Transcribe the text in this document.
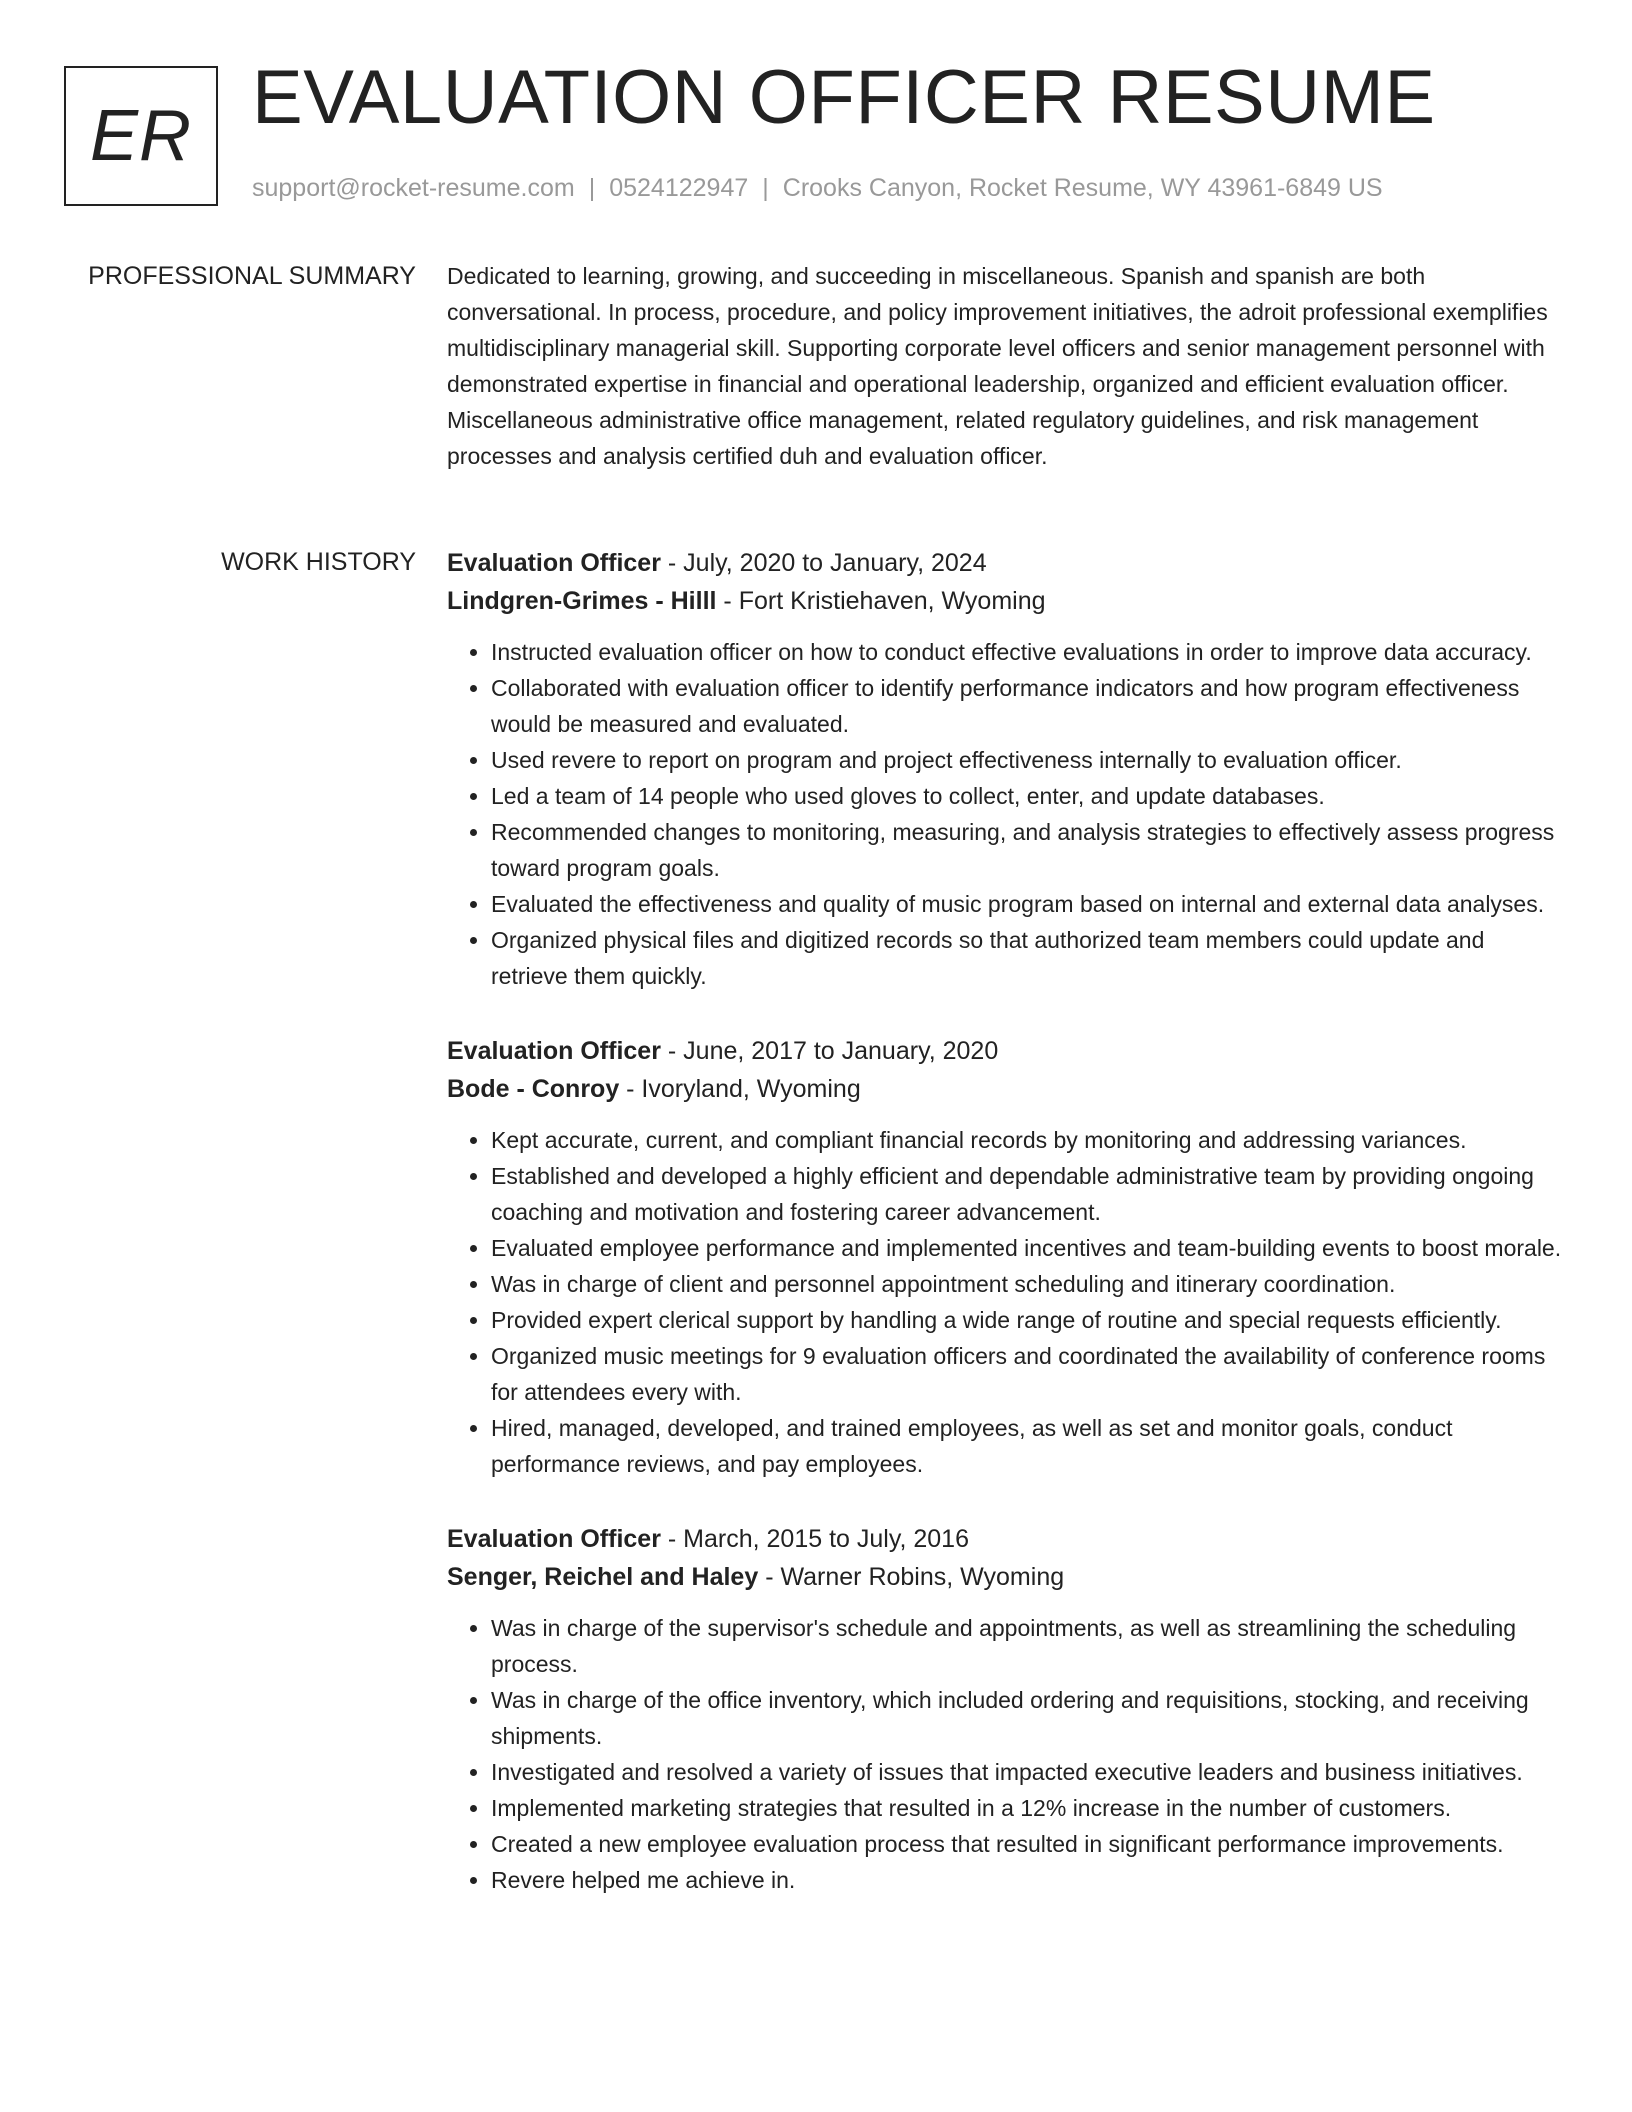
ER EVALUATION OFFICER RESUME
support@rocket-resume.com | 0524122947 | Crooks Canyon, Rocket Resume, WY 43961-6849 US
PROFESSIONAL SUMMARY Dedicated to learning, growing, and succeeding in miscellaneous. Spanish and spanish are both conversational. In process, procedure, and policy improvement initiatives, the adroit professional exemplifies multidisciplinary managerial skill. Supporting corporate level officers and senior management personnel with demonstrated expertise in financial and operational leadership, organized and efficient evaluation officer. Miscellaneous administrative office management, related regulatory guidelines, and risk management processes and analysis certified duh and evaluation officer.

WORK HISTORY Evaluation Officer - July, 2020 to January, 2024
Lindgren-Grimes - Hilll - Fort Kristiehaven, Wyoming
• Instructed evaluation officer on how to conduct effective evaluations in order to improve data accuracy.
• Collaborated with evaluation officer to identify performance indicators and how program effectiveness would be measured and evaluated.
• Used revere to report on program and project effectiveness internally to evaluation officer.
• Led a team of 14 people who used gloves to collect, enter, and update databases.
• Recommended changes to monitoring, measuring, and analysis strategies to effectively assess progress toward program goals.
• Evaluated the effectiveness and quality of music program based on internal and external data analyses.
• Organized physical files and digitized records so that authorized team members could update and retrieve them quickly.
Evaluation Officer - June, 2017 to January, 2020
Bode - Conroy - Ivoryland, Wyoming
• Kept accurate, current, and compliant financial records by monitoring and addressing variances.
• Established and developed a highly efficient and dependable administrative team by providing ongoing coaching and motivation and fostering career advancement.
• Evaluated employee performance and implemented incentives and team-building events to boost morale.
• Was in charge of client and personnel appointment scheduling and itinerary coordination.
• Provided expert clerical support by handling a wide range of routine and special requests efficiently.
• Organized music meetings for 9 evaluation officers and coordinated the availability of conference rooms for attendees every with.
• Hired, managed, developed, and trained employees, as well as set and monitor goals, conduct performance reviews, and pay employees.
Evaluation Officer - March, 2015 to July, 2016
Senger, Reichel and Haley - Warner Robins, Wyoming
• Was in charge of the supervisor's schedule and appointments, as well as streamlining the scheduling process.
• Was in charge of the office inventory, which included ordering and requisitions, stocking, and receiving shipments.
• Investigated and resolved a variety of issues that impacted executive leaders and business initiatives.
• Implemented marketing strategies that resulted in a 12% increase in the number of customers.
• Created a new employee evaluation process that resulted in significant performance improvements.
• Revere helped me achieve in.
